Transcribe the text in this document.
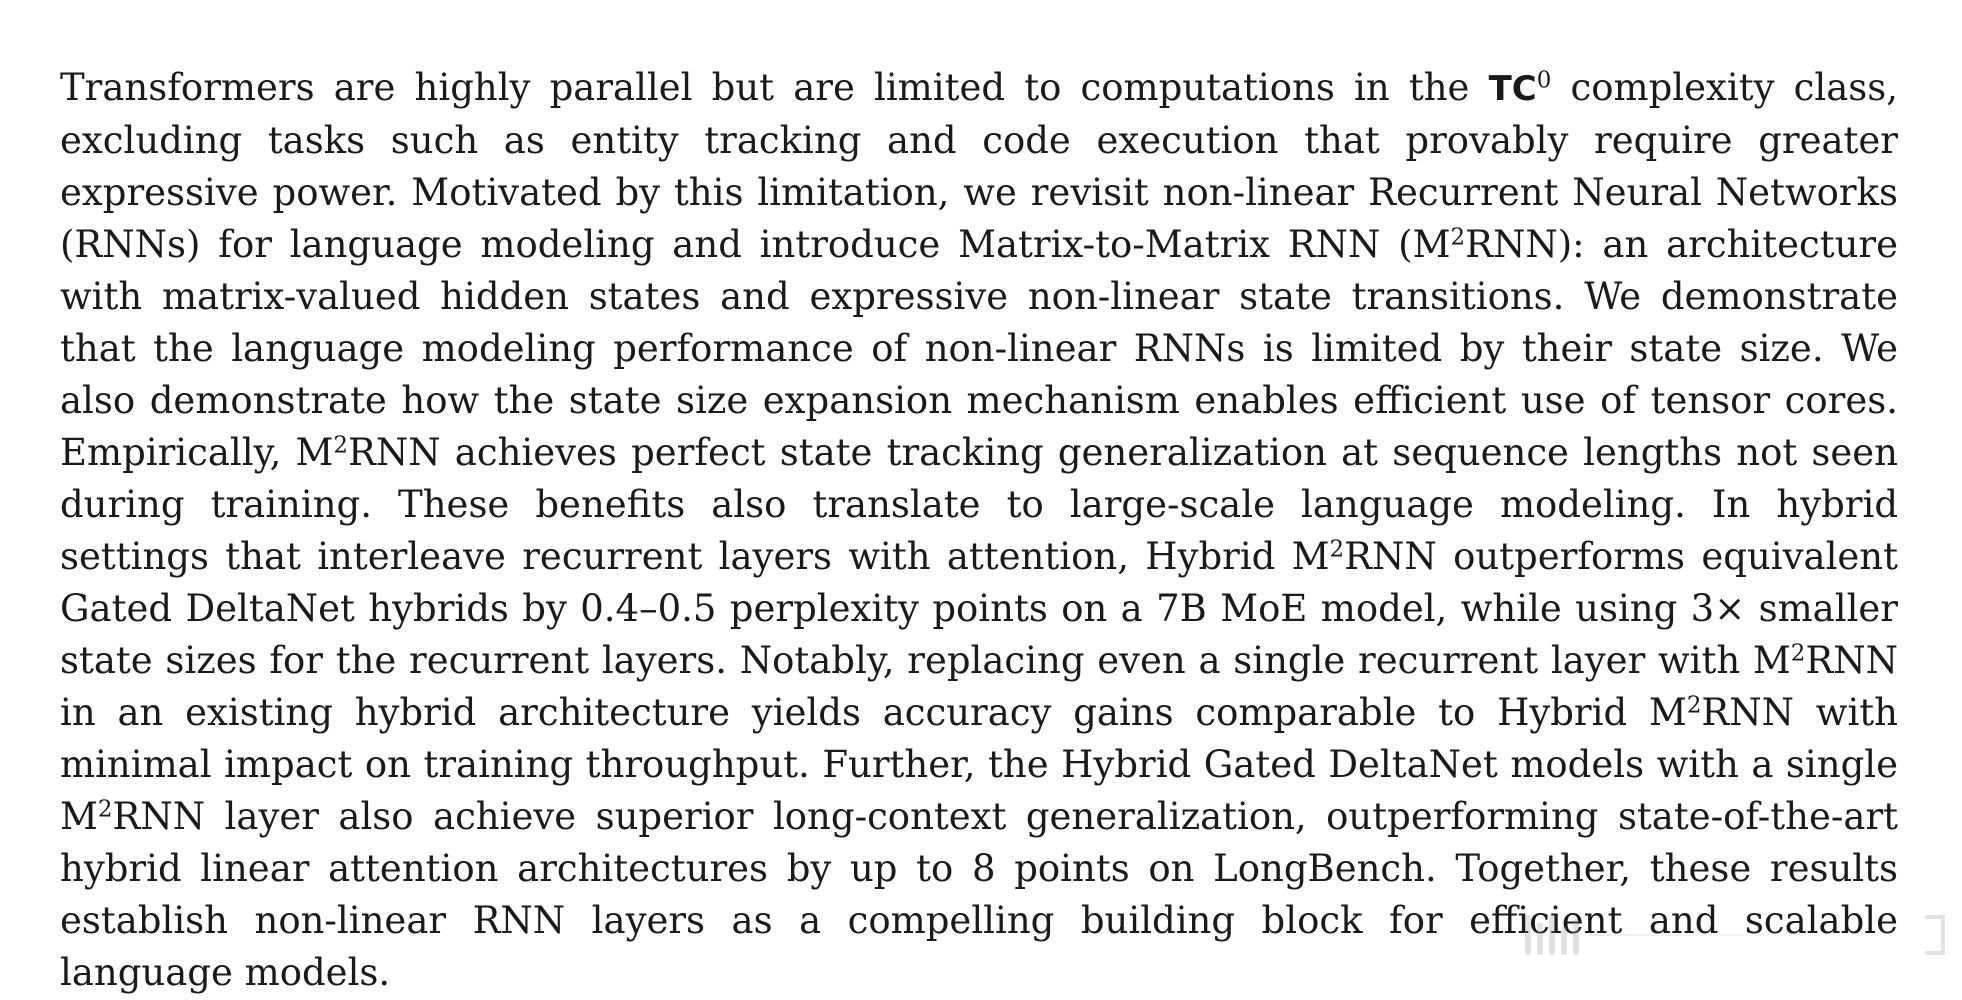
Transformers are highly parallel but are limited to computations in the $TC^0$ complexity class, excluding tasks such as entity tracking and code execution that provably require greater expressive power. Motivated by this limitation, we revisit non-linear Recurrent Neural Networks (RNNs) for language modeling and introduce Matrix-to-Matrix RNN $(M^2RNN)$: an architecture with matrix-valued hidden states and expressive non-linear state transitions. We demonstrate that the language modeling performance of non-linear RNNs is limited by their state size. We also demonstrate how the state size expansion mechanism enables efficient use of tensor cores. Empirically, $M^2RNN$ achieves perfect state tracking generalization at sequence lengths not seen during training. These benefits also translate to large-scale language modeling. In hybrid settings that interleave recurrent layers with attention, Hybrid $M^2RNN$ outperforms equivalent Gated DeltaNet hybrids by 0.4–0.5 perplexity points on a 7B MoE model, while using 3× smaller state sizes for the recurrent layers. Notably, replacing even a single recurrent layer with $M^2RNN$ in an existing hybrid architecture yields accuracy gains comparable to Hybrid $M^2RNN$ with minimal impact on training throughput. Further, the Hybrid Gated DeltaNet models with a single $M^2RNN$ layer also achieve superior long-context generalization, outperforming state-of-the-art hybrid linear attention architectures by up to 8 points on LongBench. Together, these results establish non-linear RNN layers as a compelling building block for efficient and scalable language models.
